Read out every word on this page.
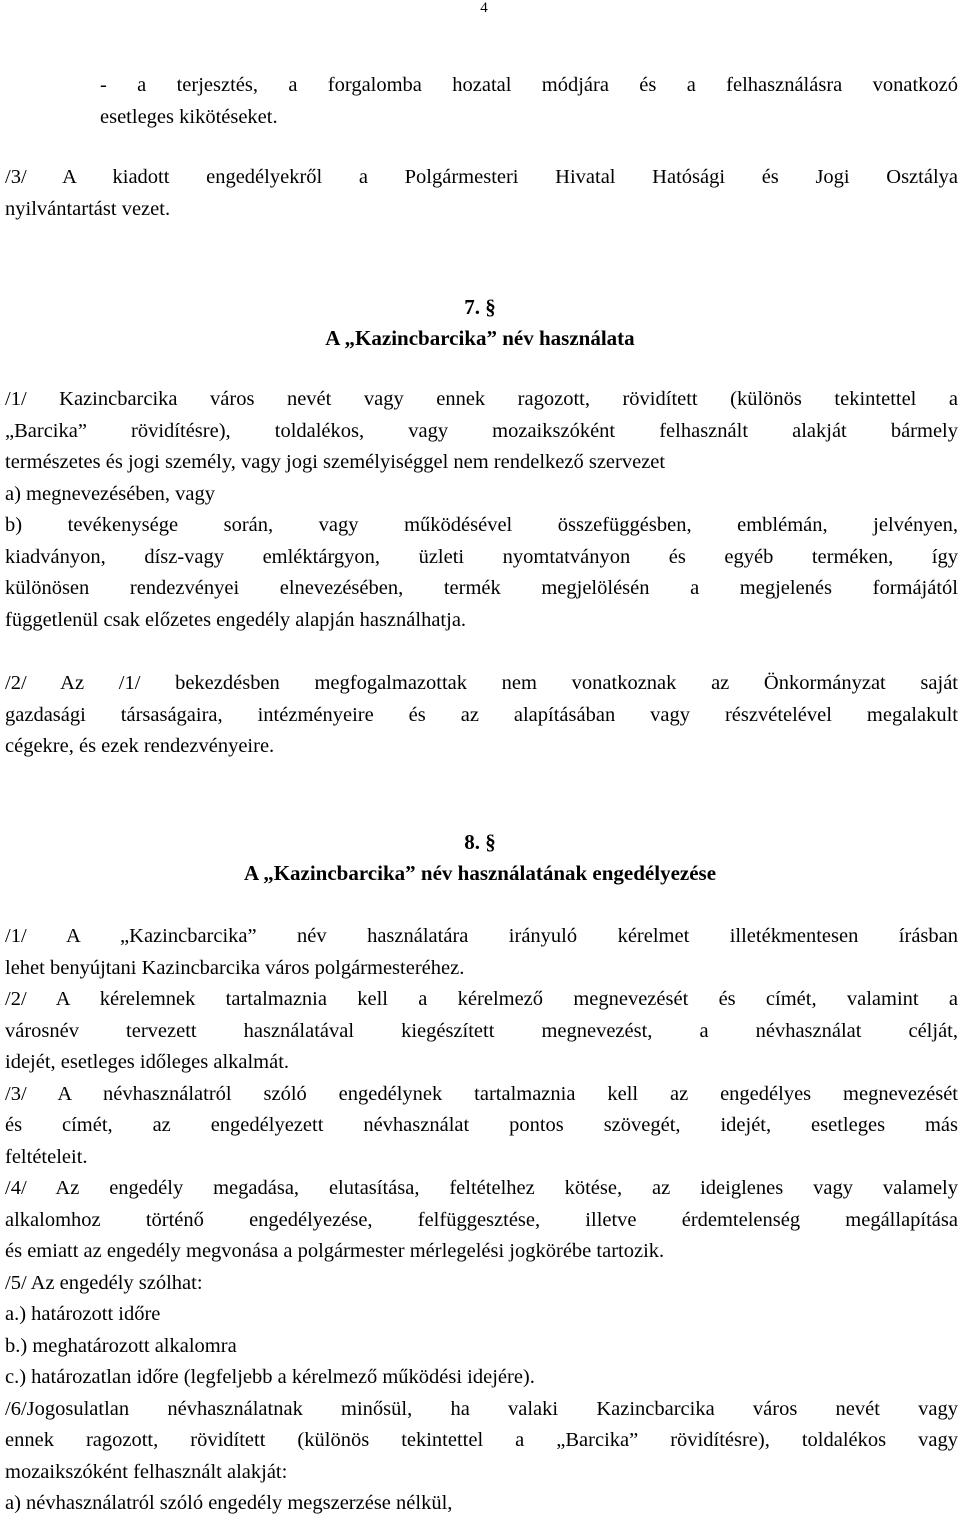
4
- a terjesztés, a forgalomba hozatal módjára és a felhasználásra vonatkozó
esetleges kikötéseket.
/3/ A kiadott engedélyekről a Polgármesteri Hivatal Hatósági és Jogi Osztálya
nyilvántartást vezet.
7. §
A „Kazincbarcika” név használata
/1/ Kazincbarcika város nevét vagy ennek ragozott, rövidített (különös tekintettel a
„Barcika” rövidítésre), toldalékos, vagy mozaikszóként felhasznált alakját bármely
természetes és jogi személy, vagy jogi személyiséggel nem rendelkező szervezet
a) megnevezésében, vagy
b) tevékenysége során, vagy működésével összefüggésben, emblémán, jelvényen,
kiadványon, dísz-vagy emléktárgyon, üzleti nyomtatványon és egyéb terméken, így
különösen rendezvényei elnevezésében, termék megjelölésén a megjelenés formájától
függetlenül csak előzetes engedély alapján használhatja.
/2/ Az /1/ bekezdésben megfogalmazottak nem vonatkoznak az Önkormányzat saját
gazdasági társaságaira, intézményeire és az alapításában vagy részvételével megalakult
cégekre, és ezek rendezvényeire.
8. §
A „Kazincbarcika” név használatának engedélyezése
/1/ A „Kazincbarcika” név használatára irányuló kérelmet illetékmentesen írásban
lehet benyújtani Kazincbarcika város polgármesteréhez.
/2/ A kérelemnek tartalmaznia kell a kérelmező megnevezését és címét, valamint a
városnév tervezett használatával kiegészített megnevezést, a névhasználat célját,
idejét, esetleges időleges alkalmát.
/3/ A névhasználatról szóló engedélynek tartalmaznia kell az engedélyes megnevezését
és címét, az engedélyezett névhasználat pontos szövegét, idejét, esetleges más
feltételeit.
/4/ Az engedély megadása, elutasítása, feltételhez kötése, az ideiglenes vagy valamely
alkalomhoz történő engedélyezése, felfüggesztése, illetve érdemtelenség megállapítása
és emiatt az engedély megvonása a polgármester mérlegelési jogkörébe tartozik.
/5/ Az engedély szólhat:
a.) határozott időre
b.) meghatározott alkalomra
c.) határozatlan időre (legfeljebb a kérelmező működési idejére).
/6/Jogosulatlan névhasználatnak minősül, ha valaki Kazincbarcika város nevét vagy
ennek ragozott, rövidített (különös tekintettel a „Barcika” rövidítésre), toldalékos vagy
mozaikszóként felhasznált alakját:
a) névhasználatról szóló engedély megszerzése nélkül,
